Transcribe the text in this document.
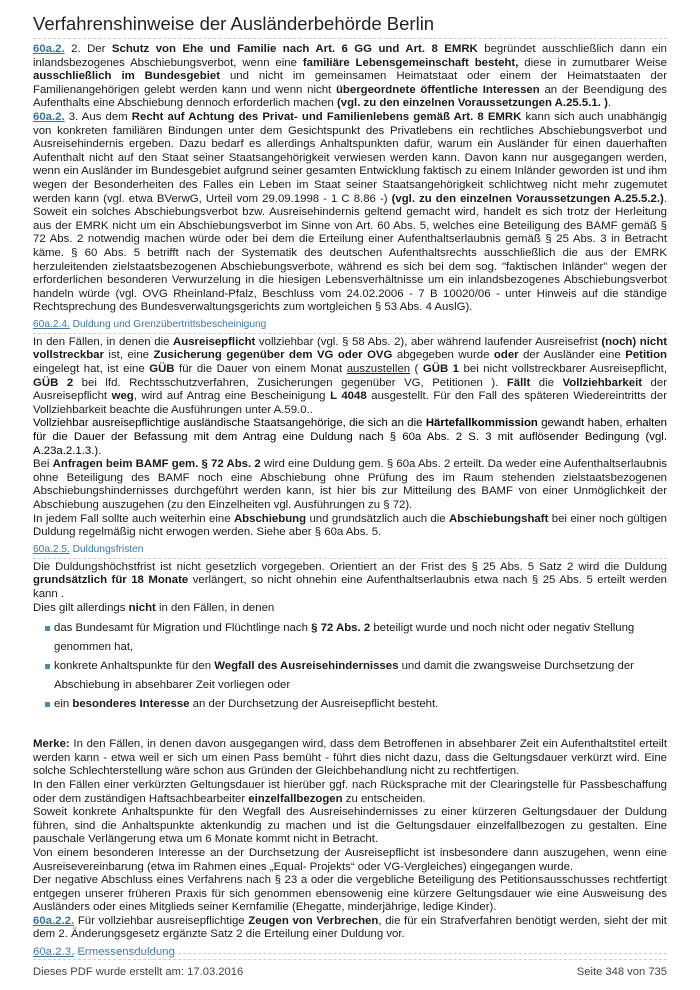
Verfahrenshinweise der Ausländerbehörde Berlin

60a.2. 2. Der Schutz von Ehe und Familie nach Art. 6 GG und Art. 8 EMRK begründet ausschließlich dann ein inlandsbezogenes Abschiebungsverbot, wenn eine familiäre Lebensgemeinschaft besteht, diese in zumutbarer Weise ausschließlich im Bundesgebiet und nicht im gemeinsamen Heimatstaat oder einem der Heimatstaaten der Familienangehörigen gelebt werden kann und wenn nicht übergeordnete öffentliche Interessen an der Beendigung des Aufenthalts eine Abschiebung dennoch erforderlich machen (vgl. zu den einzelnen Voraussetzungen A.25.5.1. ).

60a.2. 3. Aus dem Recht auf Achtung des Privat- und Familienlebens gemäß Art. 8 EMRK kann sich auch unabhängig von konkreten familiären Bindungen unter dem Gesichtspunkt des Privatlebens ein rechtliches Abschiebungsverbot und Ausreisehindernis ergeben. Dazu bedarf es allerdings Anhaltspunkten dafür, warum ein Ausländer für einen dauerhaften Aufenthalt nicht auf den Staat seiner Staatsangehörigkeit verwiesen werden kann. Davon kann nur ausgegangen werden, wenn ein Ausländer im Bundesgebiet aufgrund seiner gesamten Entwicklung faktisch zu einem Inländer geworden ist und ihm wegen der Besonderheiten des Falles ein Leben im Staat seiner Staatsangehörigkeit schlichtweg nicht mehr zugemutet werden kann (vgl. etwa BVerwG, Urteil vom 29.09.1998 - 1 C 8.86 -) (vgl. zu den einzelnen Voraussetzungen A.25.5.2.). Soweit ein solches Abschiebungsverbot bzw. Ausreisehindernis geltend gemacht wird, handelt es sich trotz der Herleitung aus der EMRK nicht um ein Abschiebungsverbot im Sinne von Art. 60 Abs. 5, welches eine Beteiligung des BAMF gemäß § 72 Abs. 2 notwendig machen würde oder bei dem die Erteilung einer Aufenthaltserlaubnis gemäß § 25 Abs. 3 in Betracht käme. § 60 Abs. 5 betrifft nach der Systematik des deutschen Aufenthaltsrechts ausschließlich die aus der EMRK herzuleitenden zielstaatsbezogenen Abschiebungsverbote, während es sich bei dem sog. "faktischen Inländer" wegen der erforderlichen besonderen Verwurzelung in die hiesigen Lebensverhältnisse um ein inlandsbezogenes Abschiebungsverbot handeln würde (vgl. OVG Rheinland-Pfalz, Beschluss vom 24.02.2006 - 7 B 10020/06 - unter Hinweis auf die ständige Rechtsprechung des Bundesverwaltungsgerichts zum wortgleichen § 53 Abs. 4 AuslG).

60a.2.4. Duldung und Grenzübertrittsbescheinigung

In den Fällen, in denen die Ausreisepflicht vollziehbar (vgl. § 58 Abs. 2), aber während laufender Ausreisefrist (noch) nicht vollstreckbar ist, eine Zusicherung gegenüber dem VG oder OVG abgegeben wurde oder der Ausländer eine Petition eingelegt hat, ist eine GÜB für die Dauer von einem Monat auszustellen ( GÜB 1 bei nicht vollstreckbarer Ausreisepflicht, GÜB 2 bei lfd. Rechtsschutzverfahren, Zusicherungen gegenüber VG, Petitionen ). Fällt die Vollziehbarkeit der Ausreisepflicht weg, wird auf Antrag eine Bescheinigung L 4048 ausgestellt. Für den Fall des späteren Wiedereintritts der Vollziehbarkeit beachte die Ausführungen unter A.59.0..

Vollziehbar ausreisepflichtige ausländische Staatsangehörige, die sich an die Härtefallkommission gewandt haben, erhalten für die Dauer der Befassung mit dem Antrag eine Duldung nach § 60a Abs. 2 S. 3 mit auflösender Bedingung (vgl. A.23a.2.1.3.).

Bei Anfragen beim BAMF gem. § 72 Abs. 2 wird eine Duldung gem. § 60a Abs. 2 erteilt. Da weder eine Aufenthaltserlaubnis ohne Beteiligung des BAMF noch eine Abschiebung ohne Prüfung des im Raum stehenden zielstaatsbezogenen Abschiebungshindernisses durchgeführt werden kann, ist hier bis zur Mitteilung des BAMF von einer Unmöglichkeit der Abschiebung auszugehen (zu den Einzelheiten vgl. Ausführungen zu § 72).

In jedem Fall sollte auch weiterhin eine Abschiebung und grundsätzlich auch die Abschiebungshaft bei einer noch gültigen Duldung regelmäßig nicht erwogen werden. Siehe aber § 60a Abs. 5.

60a.2.5. Duldungsfristen

Die Duldungshöchstfrist ist nicht gesetzlich vorgegeben. Orientiert an der Frist des § 25 Abs. 5 Satz 2 wird die Duldung grundsätzlich für 18 Monate verlängert, so nicht ohnehin eine Aufenthaltserlaubnis etwa nach § 25 Abs. 5 erteilt werden kann .

Dies gilt allerdings nicht in den Fällen, in denen

das Bundesamt für Migration und Flüchtlinge nach § 72 Abs. 2 beteiligt wurde und noch nicht oder negativ Stellung genommen hat,
konkrete Anhaltspunkte für den Wegfall des Ausreisehindernisses und damit die zwangsweise Durchsetzung der Abschiebung in absehbarer Zeit vorliegen oder
ein besonderes Interesse an der Durchsetzung der Ausreisepflicht besteht.

Merke: In den Fällen, in denen davon ausgegangen wird, dass dem Betroffenen in absehbarer Zeit ein Aufenthaltstitel erteilt werden kann - etwa weil er sich um einen Pass bemüht - führt dies nicht dazu, dass die Geltungsdauer verkürzt wird. Eine solche Schlechterstellung wäre schon aus Gründen der Gleichbehandlung nicht zu rechtfertigen.

In den Fällen einer verkürzten Geltungsdauer ist hierüber ggf. nach Rücksprache mit der Clearingstelle für Passbeschaffung oder dem zuständigen Haftsachbearbeiter einzelfallbezogen zu entscheiden.

Soweit konkrete Anhaltspunkte für den Wegfall des Ausreisehindernisses zu einer kürzeren Geltungsdauer der Duldung führen, sind die Anhaltspunkte aktenkundig zu machen und ist die Geltungsdauer einzelfallbezogen zu gestalten. Eine pauschale Verlängerung etwa um 6 Monate kommt nicht in Betracht.

Von einem besonderen Interesse an der Durchsetzung der Ausreisepflicht ist insbesondere dann auszugehen, wenn eine Ausreisevereinbarung (etwa im Rahmen eines „Equal- Projekts“ oder VG-Vergleiches) eingegangen wurde.

Der negative Abschluss eines Verfahrens nach § 23 a oder die vergebliche Beteiligung des Petitionsausschusses rechtfertigt entgegen unserer früheren Praxis für sich genommen ebensowenig eine kürzere Geltungsdauer wie eine Ausweisung des Ausländers oder eines Mitglieds seiner Kernfamilie (Ehegatte, minderjährige, ledige Kinder).

60a.2.2. Für vollziehbar ausreisepflichtige Zeugen von Verbrechen, die für ein Strafverfahren benötigt werden, sieht der mit dem 2. Änderungsgesetz ergänzte Satz 2 die Erteilung einer Duldung vor.

60a.2.3. Ermessensduldung
Dieses PDF wurde erstellt am: 17.03.2016	Seite 348 von 735
